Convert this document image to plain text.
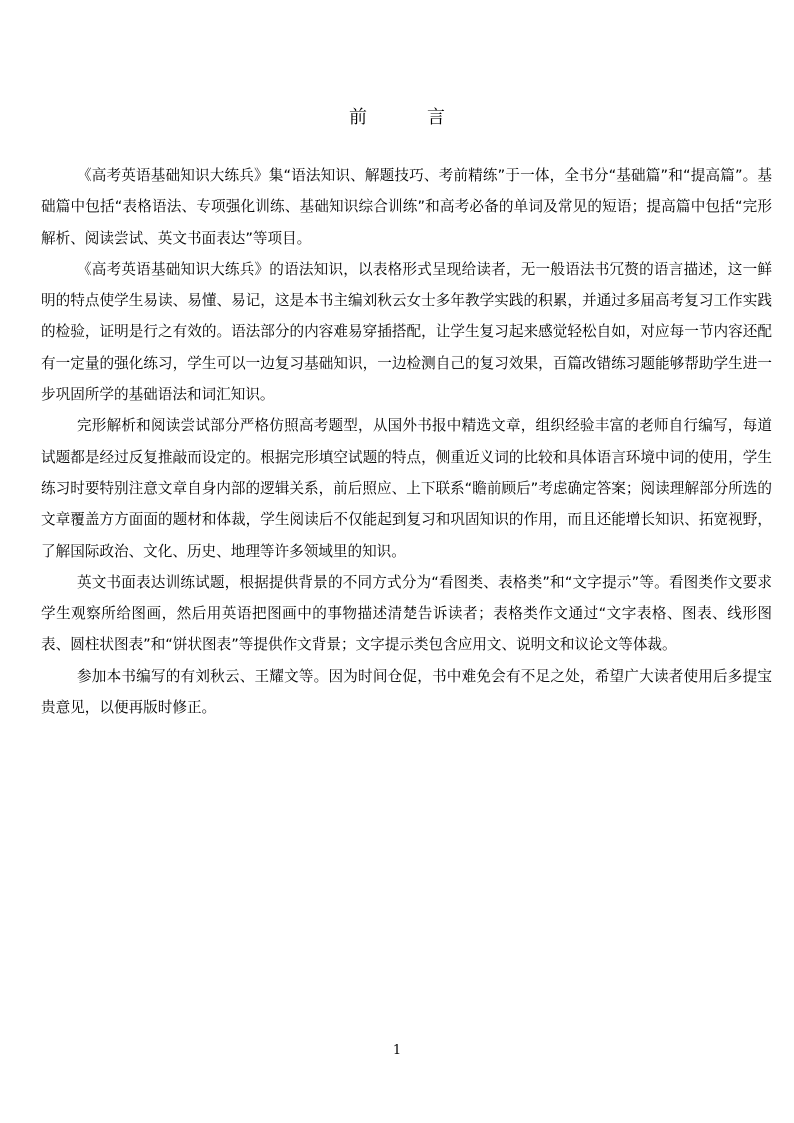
前	言

《高考英语基础知识大练兵》集“语法知识、解题技巧、考前精练”于一体，全书分“基础篇”和“提高篇”。基础篇中包括“表格语法、专项强化训练、基础知识综合训练”和高考必备的单词及常见的短语；提高篇中包括“完形解析、阅读尝试、英文书面表达”等项目。

《高考英语基础知识大练兵》的语法知识，以表格形式呈现给读者，无一般语法书冗赘的语言描述，这一鲜明的特点使学生易读、易懂、易记，这是本书主编刘秋云女士多年教学实践的积累，并通过多届高考复习工作实践的检验，证明是行之有效的。语法部分的内容难易穿插搭配，让学生复习起来感觉轻松自如，对应每一节内容还配有一定量的强化练习，学生可以一边复习基础知识，一边检测自己的复习效果，百篇改错练习题能够帮助学生进一步巩固所学的基础语法和词汇知识。

完形解析和阅读尝试部分严格仿照高考题型，从国外书报中精选文章，组织经验丰富的老师自行编写，每道试题都是经过反复推敲而设定的。根据完形填空试题的特点，侧重近义词的比较和具体语言环境中词的使用，学生练习时要特别注意文章自身内部的逻辑关系，前后照应、上下联系“瞻前顾后”考虑确定答案；阅读理解部分所选的文章覆盖方方面面的题材和体裁，学生阅读后不仅能起到复习和巩固知识的作用，而且还能增长知识、拓宽视野，了解国际政治、文化、历史、地理等许多领域里的知识。

英文书面表达训练试题，根据提供背景的不同方式分为“看图类、表格类”和“文字提示”等。看图类作文要求学生观察所给图画，然后用英语把图画中的事物描述清楚告诉读者；表格类作文通过“文字表格、图表、线形图表、圆柱状图表”和“饼状图表”等提供作文背景；文字提示类包含应用文、说明文和议论文等体裁。

参加本书编写的有刘秋云、王耀文等。因为时间仓促，书中难免会有不足之处，希望广大读者使用后多提宝贵意见，以便再版时修正。

1
